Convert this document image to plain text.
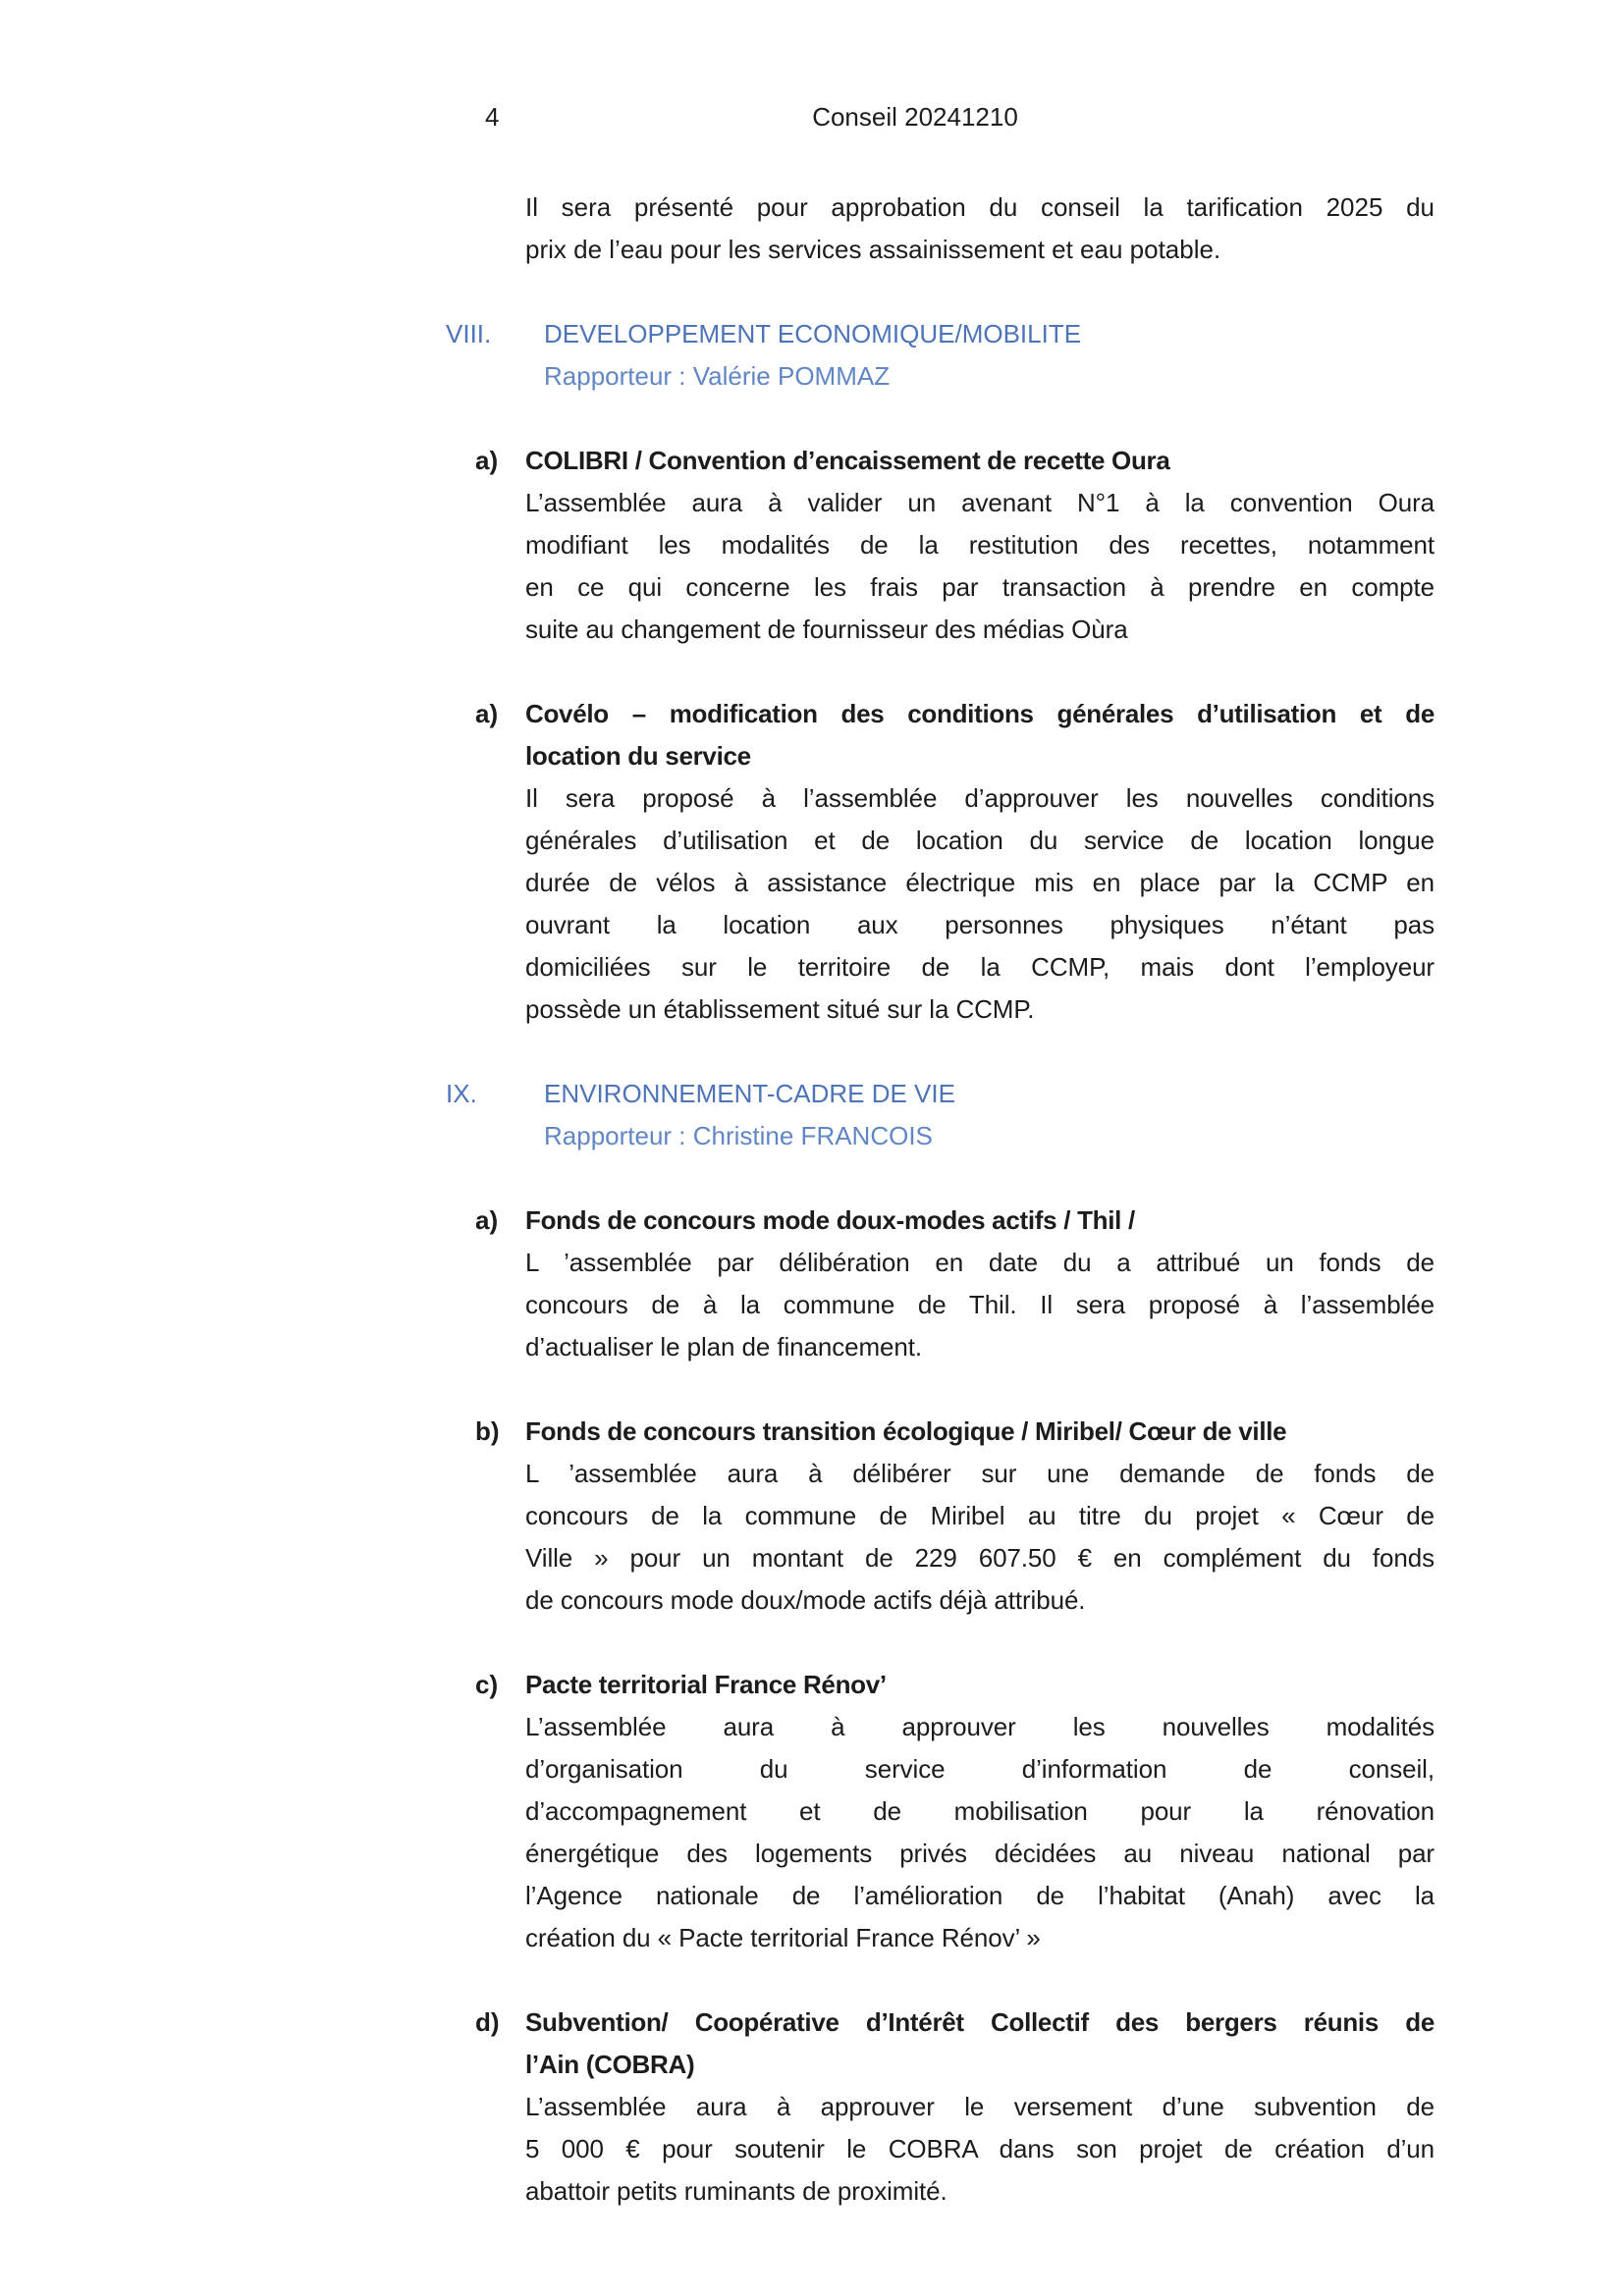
4	Conseil 20241210
Il sera présenté pour approbation du conseil la tarification 2025 du
prix de l’eau pour les services assainissement et eau potable.
VIII. DEVELOPPEMENT ECONOMIQUE/MOBILITE
Rapporteur : Valérie POMMAZ
a) COLIBRI / Convention d’encaissement de recette Oura
L’assemblée aura à valider un avenant N°1 à la convention Oura
modifiant les modalités de la restitution des recettes, notamment
en ce qui concerne les frais par transaction à prendre en compte
suite au changement de fournisseur des médias Oùra
a) Covélo – modification des conditions générales d’utilisation et de
location du service
Il sera proposé à l’assemblée d’approuver les nouvelles conditions
générales d’utilisation et de location du service de location longue
durée de vélos à assistance électrique mis en place par la CCMP en
ouvrant la location aux personnes physiques n’étant pas
domiciliées sur le territoire de la CCMP, mais dont l’employeur
possède un établissement situé sur la CCMP.
IX.	ENVIRONNEMENT-CADRE DE VIE
Rapporteur : Christine FRANCOIS
a) Fonds de concours mode doux-modes actifs / Thil /
L ’assemblée par délibération en date du a attribué un fonds de
concours de à la commune de Thil. Il sera proposé à l’assemblée
d’actualiser le plan de financement.
b) Fonds de concours transition écologique / Miribel/ Cœur de ville
L ’assemblée aura à délibérer sur une demande de fonds de
concours de la commune de Miribel au titre du projet « Cœur de
Ville » pour un montant de 229 607.50 € en complément du fonds
de concours mode doux/mode actifs déjà attribué.
c) Pacte territorial France Rénov’
L’assemblée aura à approuver les nouvelles modalités
d’organisation du service d’information de conseil,
d’accompagnement et de mobilisation pour la rénovation
énergétique des logements privés décidées au niveau national par
l’Agence nationale de l’amélioration de l’habitat (Anah) avec la
création du « Pacte territorial France Rénov’ »
d) Subvention/ Coopérative d’Intérêt Collectif des bergers réunis de
l’Ain (COBRA)
L’assemblée aura à approuver le versement d’une subvention de
5 000 € pour soutenir le COBRA dans son projet de création d’un
abattoir petits ruminants de proximité.
